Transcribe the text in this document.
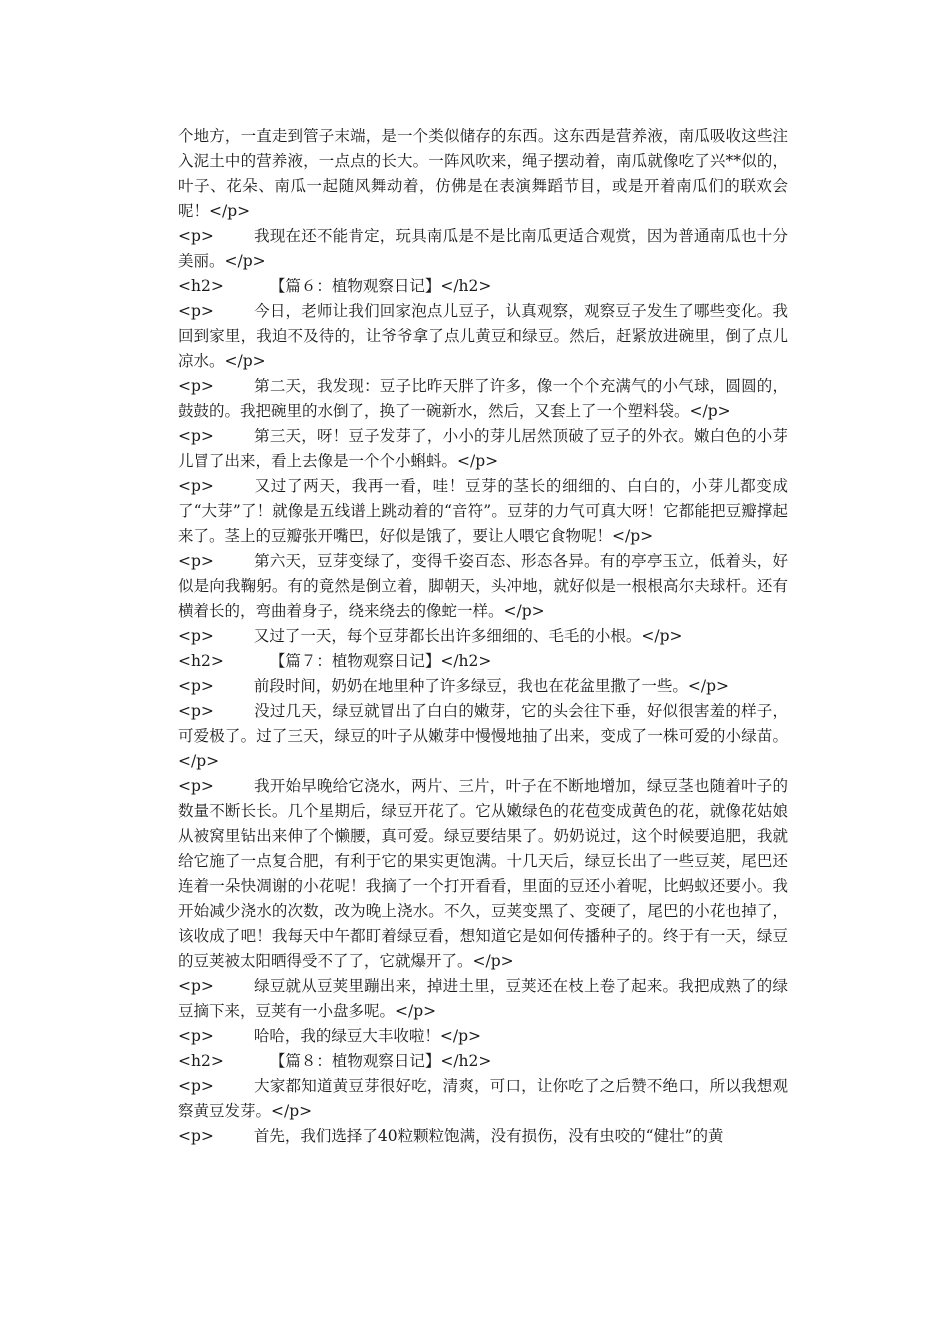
个地方，一直走到管子末端，是一个类似储存的东西。这东西是营养液，南瓜吸收这些注入泥土中的营养液，一点点的长大。一阵风吹来，绳子摆动着，南瓜就像吃了兴**似的，叶子、花朵、南瓜一起随风舞动着，仿佛是在表演舞蹈节目，或是开着南瓜们的联欢会呢！</p>
<p>	我现在还不能肯定，玩具南瓜是不是比南瓜更适合观赏，因为普通南瓜也十分美丽。</p>
<h2>	【篇６：植物观察日记】</h2>
<p>	今日，老师让我们回家泡点儿豆子，认真观察，观察豆子发生了哪些变化。我回到家里，我迫不及待的，让爷爷拿了点儿黄豆和绿豆。然后，赶紧放进碗里，倒了点儿凉水。</p>
<p>	第二天，我发现：豆子比昨天胖了许多，像一个个充满气的小气球，圆圆的，鼓鼓的。我把碗里的水倒了，换了一碗新水，然后，又套上了一个塑料袋。</p>
<p>	第三天，呀！豆子发芽了，小小的芽儿居然顶破了豆子的外衣。嫩白色的小芽儿冒了出来，看上去像是一个个小蝌蚪。</p>
<p>	又过了两天，我再一看，哇！豆芽的茎长的细细的、白白的，小芽儿都变成了“大芽”了！就像是五线谱上跳动着的“音符”。豆芽的力气可真大呀！它都能把豆瓣撑起来了。茎上的豆瓣张开嘴巴，好似是饿了，要让人喂它食物呢！</p>
<p>	第六天，豆芽变绿了，变得千姿百态、形态各异。有的亭亭玉立，低着头，好似是向我鞠躬。有的竟然是倒立着，脚朝天，头冲地，就好似是一根根高尔夫球杆。还有横着长的，弯曲着身子，绕来绕去的像蛇一样。</p>
<p>	又过了一天，每个豆芽都长出许多细细的、毛毛的小根。</p>
<h2>	【篇７：植物观察日记】</h2>
<p>	前段时间，奶奶在地里种了许多绿豆，我也在花盆里撒了一些。</p>
<p>	没过几天，绿豆就冒出了白白的嫩芽，它的头会往下垂，好似很害羞的样子，可爱极了。过了三天，绿豆的叶子从嫩芽中慢慢地抽了出来，变成了一株可爱的小绿苗。</p>
<p>	我开始早晚给它浇水，两片、三片，叶子在不断地增加，绿豆茎也随着叶子的数量不断长长。几个星期后，绿豆开花了。它从嫩绿色的花苞变成黄色的花，就像花姑娘从被窝里钻出来伸了个懒腰，真可爱。绿豆要结果了。奶奶说过，这个时候要追肥，我就给它施了一点复合肥，有利于它的果实更饱满。十几天后，绿豆长出了一些豆荚，尾巴还连着一朵快凋谢的小花呢！我摘了一个打开看看，里面的豆还小着呢，比蚂蚁还要小。我开始减少浇水的次数，改为晚上浇水。不久，豆荚变黑了、变硬了，尾巴的小花也掉了，该收成了吧！我每天中午都盯着绿豆看，想知道它是如何传播种子的。终于有一天，绿豆的豆荚被太阳晒得受不了了，它就爆开了。</p>
<p>	绿豆就从豆荚里蹦出来，掉进土里，豆荚还在枝上卷了起来。我把成熟了的绿豆摘下来，豆荚有一小盘多呢。</p>
<p>	哈哈，我的绿豆大丰收啦！</p>
<h2>	【篇８：植物观察日记】</h2>
<p>	大家都知道黄豆芽很好吃，清爽，可口，让你吃了之后赞不绝口，所以我想观察黄豆发芽。</p>
<p>	首先，我们选择了40粒颗粒饱满，没有损伤，没有虫咬的“健壮”的黄
